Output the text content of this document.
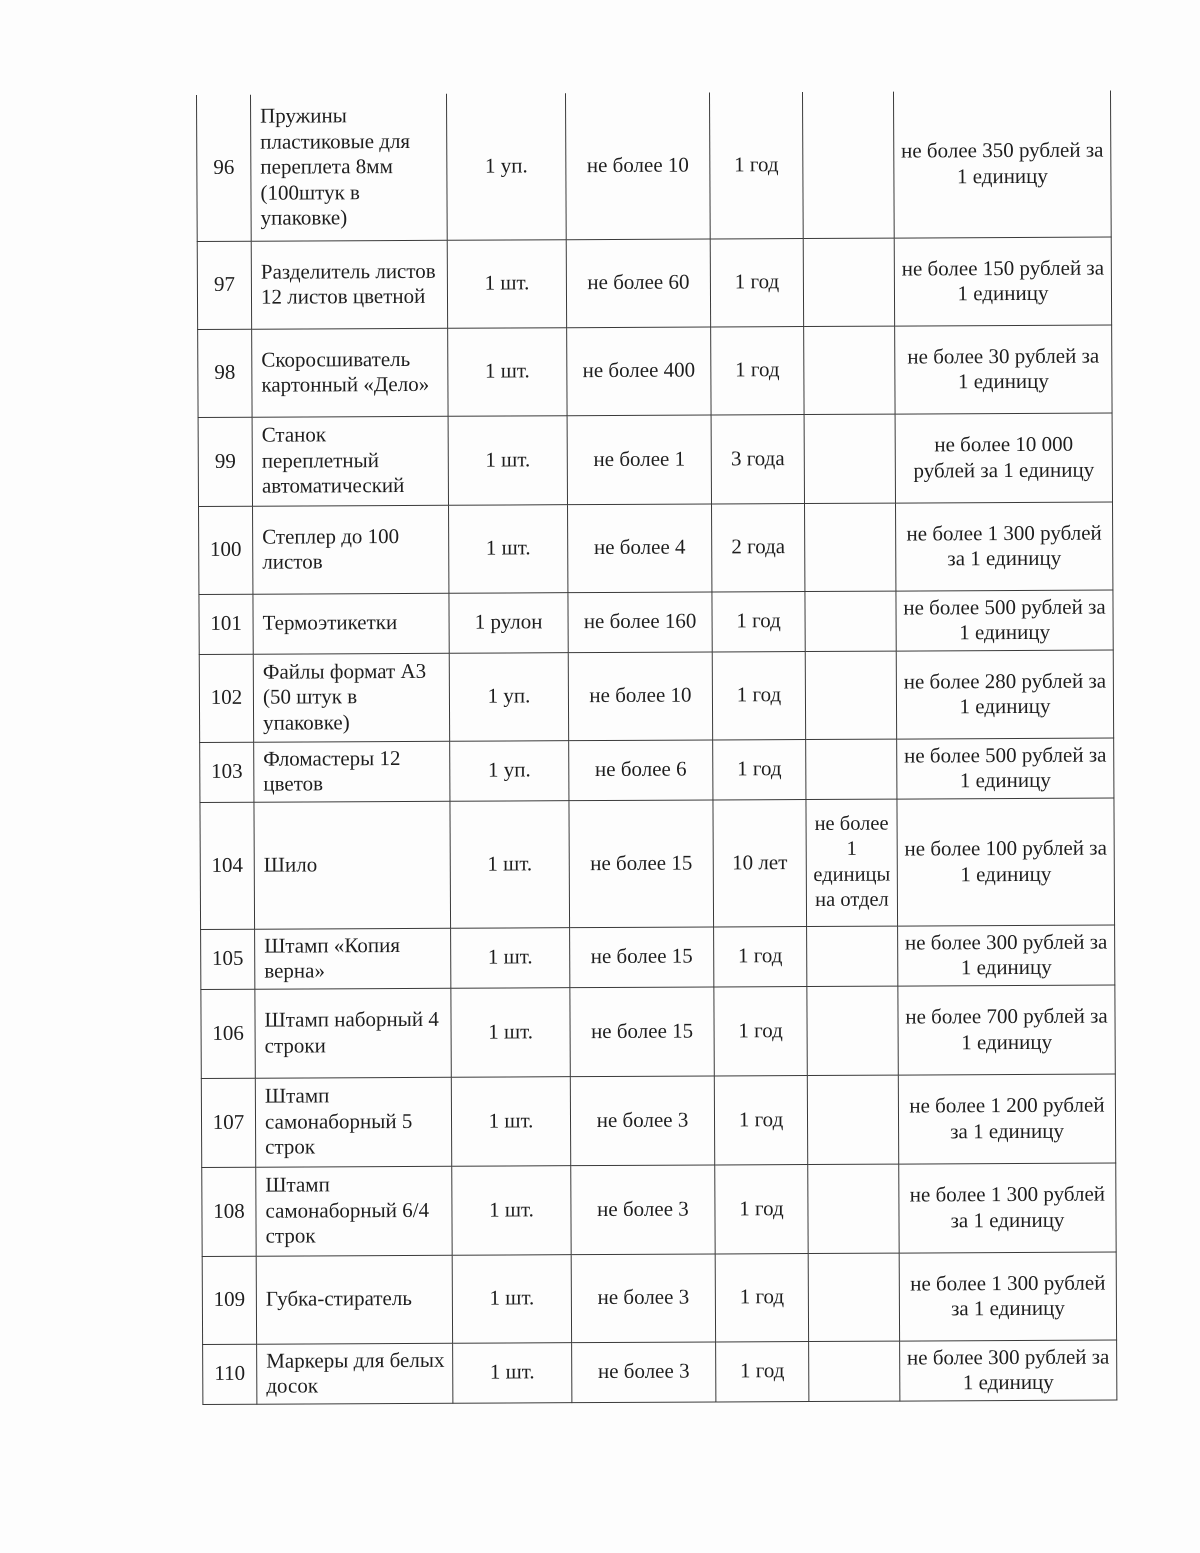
96	Пружины пластиковые для переплета 8мм (100штук в упаковке)	1 уп.	не более 10	1 год		не более 350 рублей за 1 единицу
97	Разделитель листов 12 листов цветной	1 шт.	не более 60	1 год		не более 150 рублей за 1 единицу
98	Скоросшиватель картонный «Дело»	1 шт.	не более 400	1 год		не более 30 рублей за 1 единицу
99	Станок переплетный автоматический	1 шт.	не более 1	3 года		не более 10 000 рублей за 1 единицу
100	Степлер до 100 листов	1 шт.	не более 4	2 года		не более 1 300 рублей за 1 единицу
101	Термоэтикетки	1 рулон	не более 160	1 год		не более 500 рублей за 1 единицу
102	Файлы формат А3 (50 штук в упаковке)	1 уп.	не более 10	1 год		не более 280 рублей за 1 единицу
103	Фломастеры 12 цветов	1 уп.	не более 6	1 год		не более 500 рублей за 1 единицу
104	Шило	1 шт.	не более 15	10 лет	не более 1 единицы на отдел	не более 100 рублей за 1 единицу
105	Штамп «Копия верна»	1 шт.	не более 15	1 год		не более 300 рублей за 1 единицу
106	Штамп наборный 4 строки	1 шт.	не более 15	1 год		не более 700 рублей за 1 единицу
107	Штамп самонаборный 5 строк	1 шт.	не более 3	1 год		не более 1 200 рублей за 1 единицу
108	Штамп самонаборный 6/4 строк	1 шт.	не более 3	1 год		не более 1 300 рублей за 1 единицу
109	Губка-стиратель	1 шт.	не более 3	1 год		не более 1 300 рублей за 1 единицу
110	Маркеры для белых досок	1 шт.	не более 3	1 год		не более 300 рублей за 1 единицу
